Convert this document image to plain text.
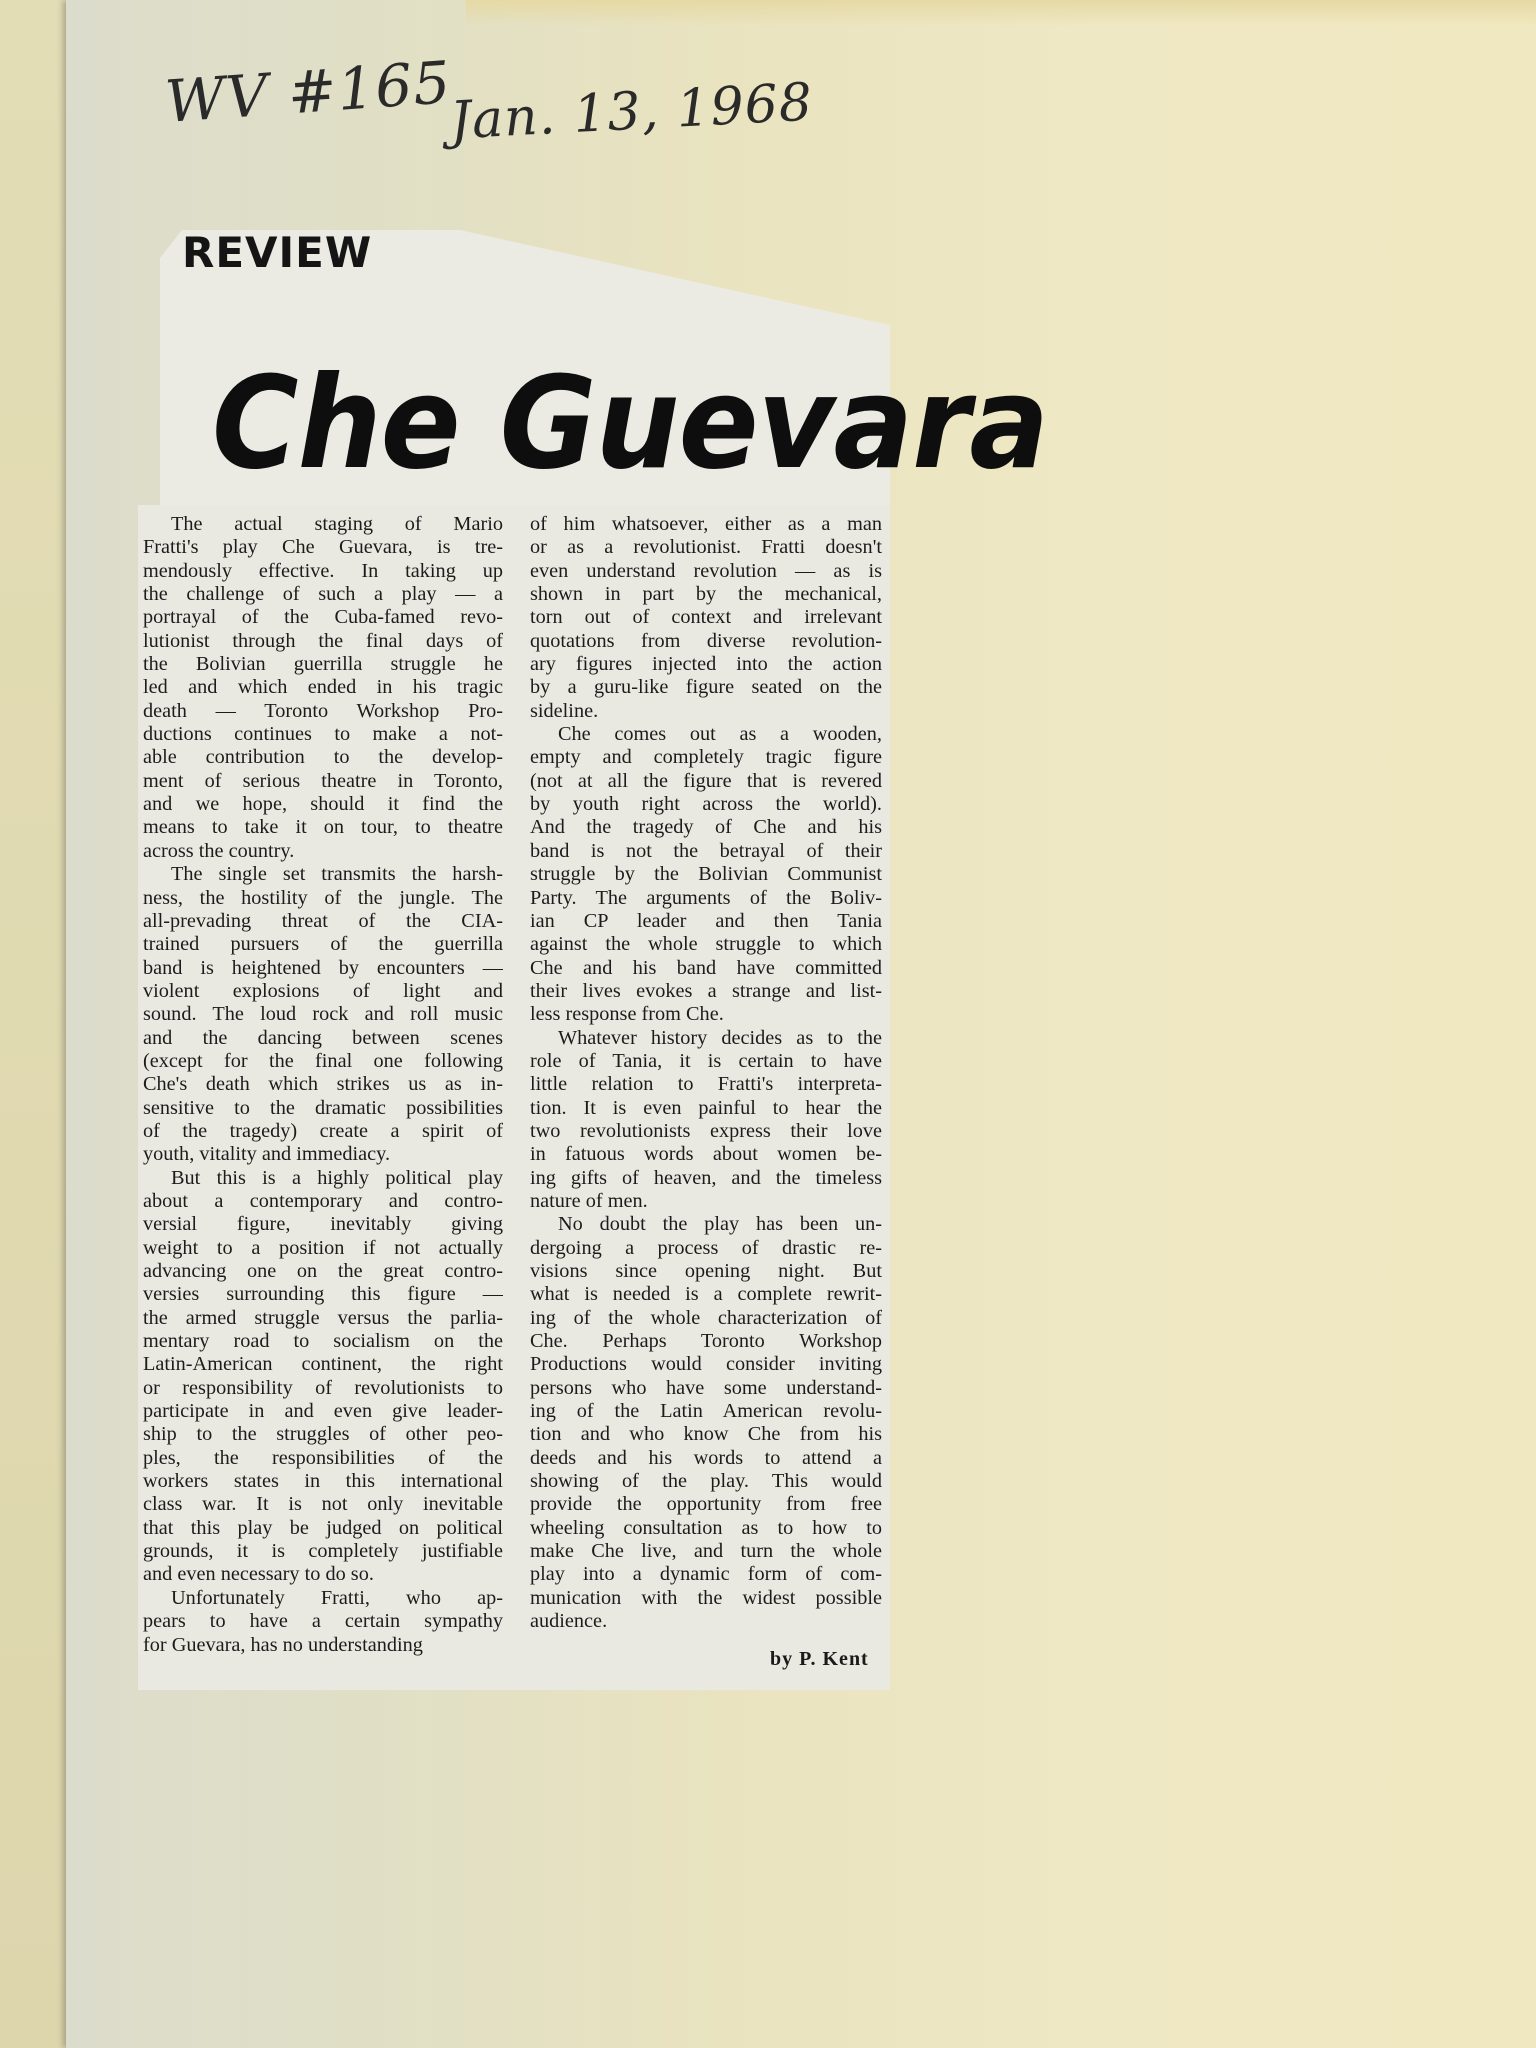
WV #165
Jan. 13, 1968
REVIEW
Che Guevara
The actual staging of Mario
Fratti's play Che Guevara, is tre-
mendously effective. In taking up
the challenge of such a play — a
portrayal of the Cuba-famed revo-
lutionist through the final days of
the Bolivian guerrilla struggle he
led and which ended in his tragic
death — Toronto Workshop Pro-
ductions continues to make a not-
able contribution to the develop-
ment of serious theatre in Toronto,
and we hope, should it find the
means to take it on tour, to theatre
across the country.
The single set transmits the harsh-
ness, the hostility of the jungle. The
all-prevading threat of the CIA-
trained pursuers of the guerrilla
band is heightened by encounters —
violent explosions of light and
sound. The loud rock and roll music
and the dancing between scenes
(except for the final one following
Che's death which strikes us as in-
sensitive to the dramatic possibilities
of the tragedy) create a spirit of
youth, vitality and immediacy.
But this is a highly political play
about a contemporary and contro-
versial figure, inevitably giving
weight to a position if not actually
advancing one on the great contro-
versies surrounding this figure —
the armed struggle versus the parlia-
mentary road to socialism on the
Latin-American continent, the right
or responsibility of revolutionists to
participate in and even give leader-
ship to the struggles of other peo-
ples, the responsibilities of the
workers states in this international
class war. It is not only inevitable
that this play be judged on political
grounds, it is completely justifiable
and even necessary to do so.
Unfortunately Fratti, who ap-
pears to have a certain sympathy
for Guevara, has no understanding
of him whatsoever, either as a man
or as a revolutionist. Fratti doesn't
even understand revolution — as is
shown in part by the mechanical,
torn out of context and irrelevant
quotations from diverse revolution-
ary figures injected into the action
by a guru-like figure seated on the
sideline.
Che comes out as a wooden,
empty and completely tragic figure
(not at all the figure that is revered
by youth right across the world).
And the tragedy of Che and his
band is not the betrayal of their
struggle by the Bolivian Communist
Party. The arguments of the Boliv-
ian CP leader and then Tania
against the whole struggle to which
Che and his band have committed
their lives evokes a strange and list-
less response from Che.
Whatever history decides as to the
role of Tania, it is certain to have
little relation to Fratti's interpreta-
tion. It is even painful to hear the
two revolutionists express their love
in fatuous words about women be-
ing gifts of heaven, and the timeless
nature of men.
No doubt the play has been un-
dergoing a process of drastic re-
visions since opening night. But
what is needed is a complete rewrit-
ing of the whole characterization of
Che. Perhaps Toronto Workshop
Productions would consider inviting
persons who have some understand-
ing of the Latin American revolu-
tion and who know Che from his
deeds and his words to attend a
showing of the play. This would
provide the opportunity from free
wheeling consultation as to how to
make Che live, and turn the whole
play into a dynamic form of com-
munication with the widest possible
audience.
by P. Kent
